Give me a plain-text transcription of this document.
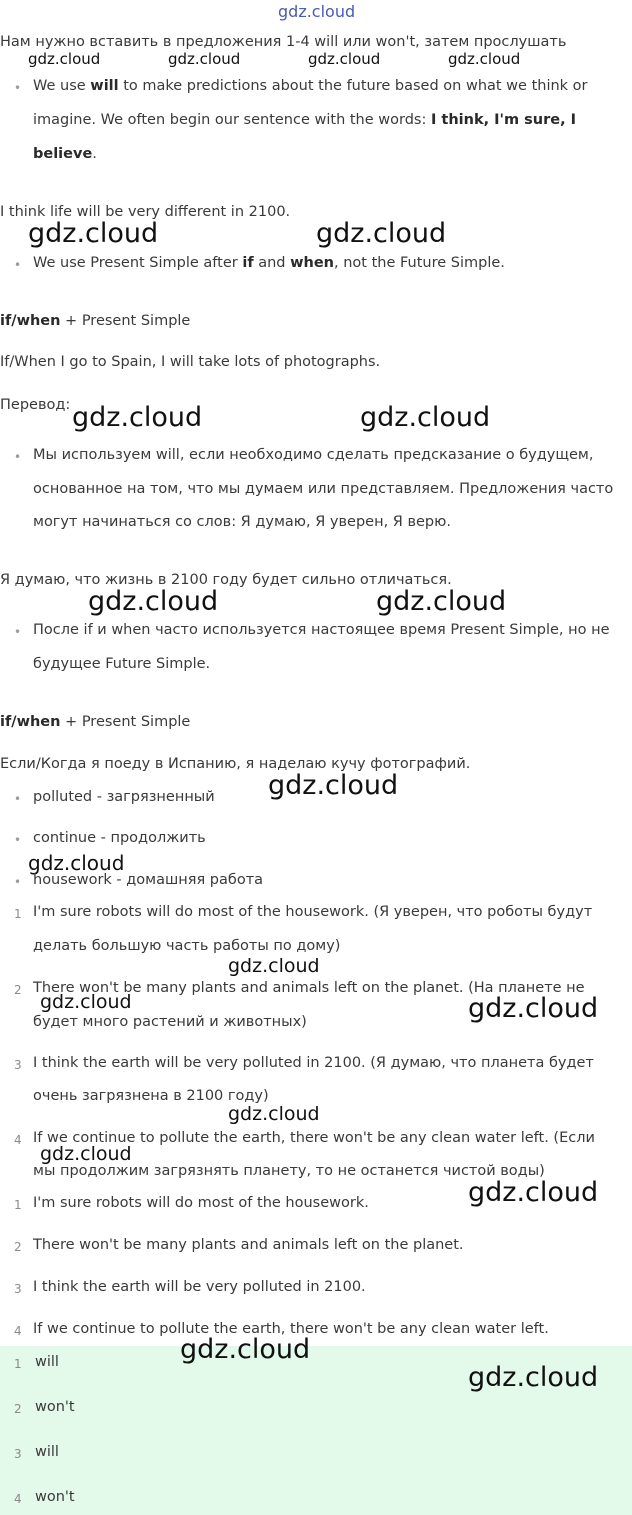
gdz.cloud
Нам нужно вставить в предложения 1-4 will или won't, затем прослушать
gdz.cloud	gdz.cloud	gdz.cloud	gdz.cloud
• We use will to make predictions about the future based on what we think or
imagine. We often begin our sentence with the words: I think, I'm sure, I
believe.
I think life will be very different in 2100.
gdz.cloud	gdz.cloud
• We use Present Simple after if and when, not the Future Simple.
if/when + Present Simple
If/When I go to Spain, I will take lots of photographs.
Перевод: gdz.cloud	gdz.cloud
• Мы используем will, если необходимо сделать предсказание о будущем,
основанное на том, что мы думаем или представляем. Предложения часто
могут начинаться со слов: Я думаю, Я уверен, Я верю.
Я думаю, что жизнь в 2100 году будет сильно отличаться.
gdz.cloud	gdz.cloud
• После if и when часто используется настоящее время Present Simple, но не
будущее Future Simple.
if/when + Present Simple
Если/Когда я поеду в Испанию, я наделаю кучу фотографий.
gdz.cloud
• polluted - загрязненный
• continue - продолжить
gdz.cloud
• housework - домашняя работа
1 I'm sure robots will do most of the housework. (Я уверен, что роботы будут
делать большую часть работы по дому)
gdz.cloud
2 There won't be many plants and animals left on the planet. (На планете не
gdz.cloud	gdz.cloud
будет много растений и животных)
3 I think the earth will be very polluted in 2100. (Я думаю, что планета будет
очень загрязнена в 2100 году)
gdz.cloud
4 If we continue to pollute the earth, there won't be any clean water left. (Если
gdz.cloud
мы продолжим загрязнять планету, то не останется чистой воды)
gdz.cloud
1 I'm sure robots will do most of the housework.
2 There won't be many plants and animals left on the planet.
3 I think the earth will be very polluted in 2100.
4 If we continue to pollute the earth, there won't be any clean water left.
1 will
2 won't
3 will
4 won't
gdz.cloud
gdz.cloud
